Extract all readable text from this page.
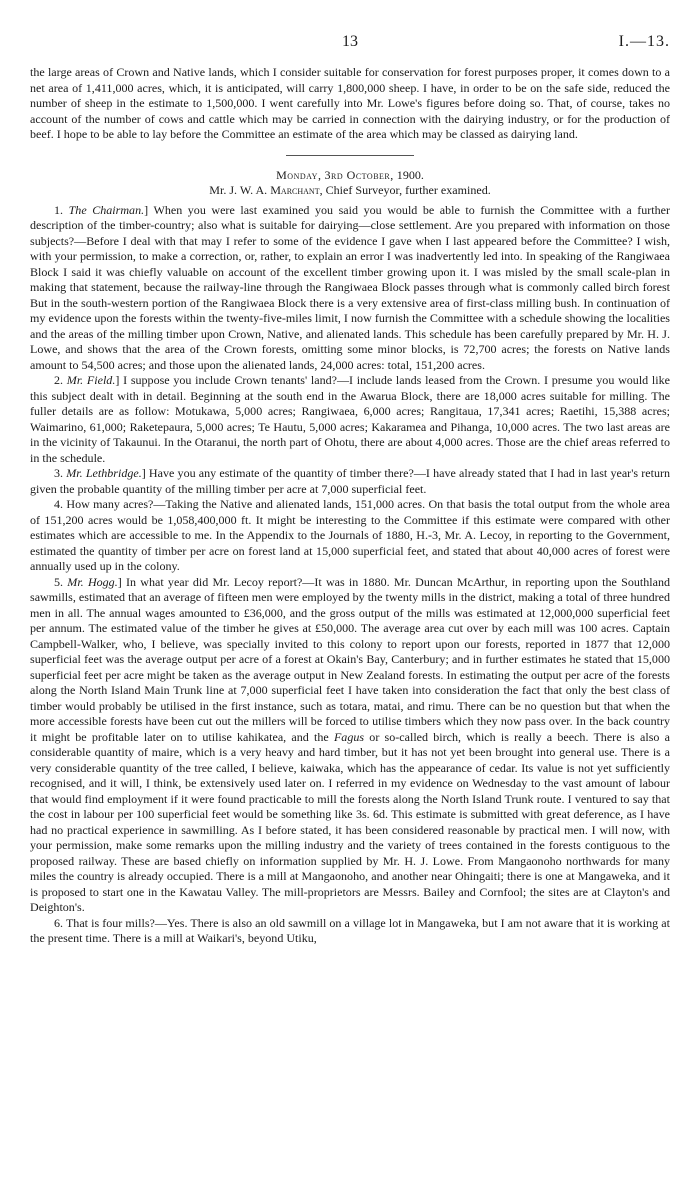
13	I.—13.

the large areas of Crown and Native lands, which I consider suitable for conservation for forest purposes proper, it comes down to a net area of 1,411,000 acres, which, it is anticipated, will carry 1,800,000 sheep. I have, in order to be on the safe side, reduced the number of sheep in the estimate to 1,500,000. I went carefully into Mr. Lowe's figures before doing so. That, of course, takes no account of the number of cows and cattle which may be carried in connection with the dairying industry, or for the production of beef. I hope to be able to lay before the Committee an estimate of the area which may be classed as dairying land.

Monday, 3rd October, 1900.

Mr. J. W. A. Marchant, Chief Surveyor, further examined.

1. The Chairman.] When you were last examined you said you would be able to furnish the Committee with a further description of the timber-country; also what is suitable for dairying—close settlement. Are you prepared with information on those subjects?—Before I deal with that may I refer to some of the evidence I gave when I last appeared before the Committee? I wish, with your permission, to make a correction, or, rather, to explain an error I was inadvertently led into. In speaking of the Rangiwaea Block I said it was chiefly valuable on account of the excellent timber growing upon it. I was misled by the small scale-plan in making that statement, because the railway-line through the Rangiwaea Block passes through what is commonly called birch forest But in the south-western portion of the Rangiwaea Block there is a very extensive area of first-class milling bush. In continuation of my evidence upon the forests within the twenty-five-miles limit, I now furnish the Committee with a schedule showing the localities and the areas of the milling timber upon Crown, Native, and alienated lands. This schedule has been carefully prepared by Mr. H. J. Lowe, and shows that the area of the Crown forests, omitting some minor blocks, is 72,700 acres; the forests on Native lands amount to 54,500 acres; and those upon the alienated lands, 24,000 acres: total, 151,200 acres.

2. Mr. Field.] I suppose you include Crown tenants' land?—I include lands leased from the Crown. I presume you would like this subject dealt with in detail. Beginning at the south end in the Awarua Block, there are 18,000 acres suitable for milling. The fuller details are as follow: Motukawa, 5,000 acres; Rangiwaea, 6,000 acres; Rangitaua, 17,341 acres; Raetihi, 15,388 acres; Waimarino, 61,000; Raketepaura, 5,000 acres; Te Hautu, 5,000 acres; Kakaramea and Pihanga, 10,000 acres. The two last areas are in the vicinity of Takaunui. In the Otaranui, the north part of Ohotu, there are about 4,000 acres. Those are the chief areas referred to in the schedule.

3. Mr. Lethbridge.] Have you any estimate of the quantity of timber there?—I have already stated that I had in last year's return given the probable quantity of the milling timber per acre at 7,000 superficial feet.

4. How many acres?—Taking the Native and alienated lands, 151,000 acres. On that basis the total output from the whole area of 151,200 acres would be 1,058,400,000 ft. It might be interesting to the Committee if this estimate were compared with other estimates which are accessible to me. In the Appendix to the Journals of 1880, H.-3, Mr. A. Lecoy, in reporting to the Government, estimated the quantity of timber per acre on forest land at 15,000 superficial feet, and stated that about 40,000 acres of forest were annually used up in the colony.

5. Mr. Hogg.] In what year did Mr. Lecoy report?—It was in 1880. Mr. Duncan McArthur, in reporting upon the Southland sawmills, estimated that an average of fifteen men were employed by the twenty mills in the district, making a total of three hundred men in all. The annual wages amounted to £36,000, and the gross output of the mills was estimated at 12,000,000 superficial feet per annum. The estimated value of the timber he gives at £50,000. The average area cut over by each mill was 100 acres. Captain Campbell-Walker, who, I believe, was specially invited to this colony to report upon our forests, reported in 1877 that 12,000 superficial feet was the average output per acre of a forest at Okain's Bay, Canterbury; and in further estimates he stated that 15,000 superficial feet per acre might be taken as the average output in New Zealand forests. In estimating the output per acre of the forests along the North Island Main Trunk line at 7,000 superficial feet I have taken into consideration the fact that only the best class of timber would probably be utilised in the first instance, such as totara, matai, and rimu. There can be no question but that when the more accessible forests have been cut out the millers will be forced to utilise timbers which they now pass over. In the back country it might be profitable later on to utilise kahikatea, and the Fagus or so-called birch, which is really a beech. There is also a considerable quantity of maire, which is a very heavy and hard timber, but it has not yet been brought into general use. There is a very considerable quantity of the tree called, I believe, kaiwaka, which has the appearance of cedar. Its value is not yet sufficiently recognised, and it will, I think, be extensively used later on. I referred in my evidence on Wednesday to the vast amount of labour that would find employment if it were found practicable to mill the forests along the North Island Trunk route. I ventured to say that the cost in labour per 100 superficial feet would be something like 3s. 6d. This estimate is submitted with great deference, as I have had no practical experience in sawmilling. As I before stated, it has been considered reasonable by practical men. I will now, with your permission, make some remarks upon the milling industry and the variety of trees contained in the forests contiguous to the proposed railway. These are based chiefly on information supplied by Mr. H. J. Lowe. From Mangaonoho northwards for many miles the country is already occupied. There is a mill at Mangaonoho, and another near Ohingaiti; there is one at Mangaweka, and it is proposed to start one in the Kawatau Valley. The mill-proprietors are Messrs. Bailey and Cornfool; the sites are at Clayton's and Deighton's.

6. That is four mills?—Yes. There is also an old sawmill on a village lot in Mangaweka, but I am not aware that it is working at the present time. There is a mill at Waikari's, beyond Utiku,
